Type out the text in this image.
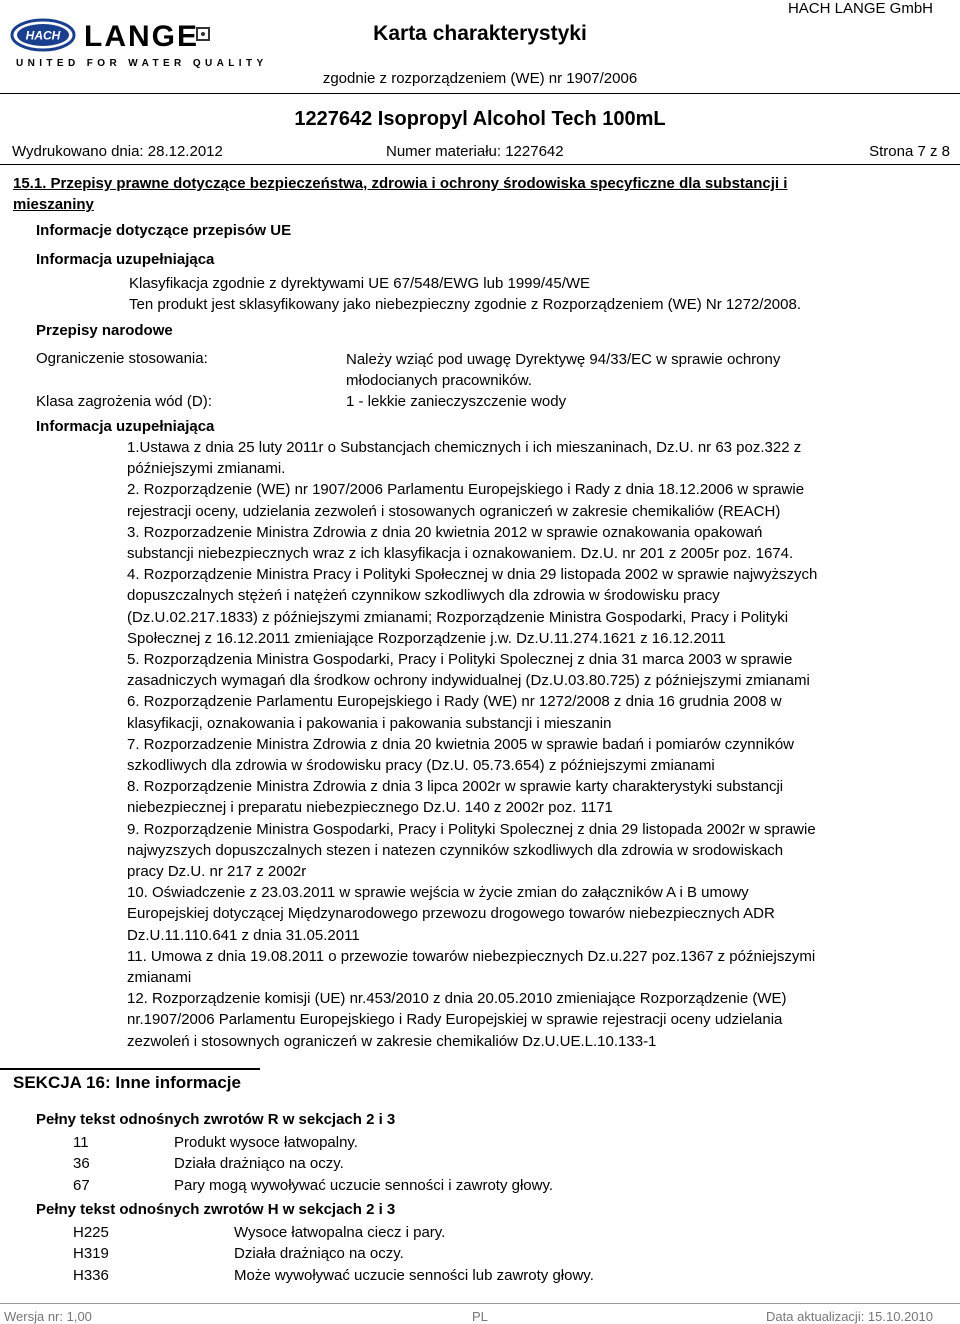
HACH LANGE
UNITED FOR WATER QUALITY
Karta charakterystyki
HACH LANGE GmbH
zgodnie z rozporządzeniem (WE) nr 1907/2006
1227642 Isopropyl Alcohol Tech 100mL
Wydrukowano dnia: 28.12.2012	Numer materiału: 1227642	Strona 7 z 8
15.1. Przepisy prawne dotyczące bezpieczeństwa, zdrowia i ochrony środowiska specyficzne dla substancji i
mieszaniny
Informacje dotyczące przepisów UE
Informacja uzupełniająca
Klasyfikacja zgodnie z dyrektywami UE 67/548/EWG lub 1999/45/WE
Ten produkt jest sklasyfikowany jako niebezpieczny zgodnie z Rozporządzeniem (WE) Nr 1272/2008.
Przepisy narodowe
Ograniczenie stosowania:	Należy wziąć pod uwagę Dyrektywę 94/33/EC w sprawie ochrony
młodocianych pracowników.
Klasa zagrożenia wód (D):	1 - lekkie zanieczyszczenie wody
Informacja uzupełniająca
1.Ustawa z dnia 25 luty 2011r o Substancjach chemicznych i ich mieszaninach, Dz.U. nr 63 poz.322 z
późniejszymi zmianami.
2. Rozporządzenie (WE) nr 1907/2006 Parlamentu Europejskiego i Rady z dnia 18.12.2006 w sprawie
rejestracji oceny, udzielania zezwoleń i stosowanych ograniczeń w zakresie chemikaliów (REACH)
3. Rozporzadzenie Ministra Zdrowia z dnia 20 kwietnia 2012 w sprawie oznakowania opakowań
substancji niebezpiecznych wraz z ich klasyfikacja i oznakowaniem. Dz.U. nr 201 z 2005r poz. 1674.
4. Rozporządzenie Ministra Pracy i Polityki Społecznej w dnia 29 listopada 2002 w sprawie najwyższych
dopuszczalnych stężeń i natężeń czynnikow szkodliwych dla zdrowia w środowisku pracy
(Dz.U.02.217.1833) z późniejszymi zmianami; Rozporządzenie Ministra Gospodarki, Pracy i Polityki
Społecznej z 16.12.2011 zmieniające Rozporządzenie j.w. Dz.U.11.274.1621 z 16.12.2011
5. Rozporządzenia Ministra Gospodarki, Pracy i Polityki Spolecznej z dnia 31 marca 2003 w sprawie
zasadniczych wymagań dla środkow ochrony indywidualnej (Dz.U.03.80.725) z późniejszymi zmianami
6. Rozporządzenie Parlamentu Europejskiego i Rady (WE) nr 1272/2008 z dnia 16 grudnia 2008 w
klasyfikacji, oznakowania i pakowania i pakowania substancji i mieszanin
7. Rozporzadzenie Ministra Zdrowia z dnia 20 kwietnia 2005 w sprawie badań i pomiarów czynników
szkodliwych dla zdrowia w środowisku pracy (Dz.U. 05.73.654) z późniejszymi zmianami
8. Rozporządzenie Ministra Zdrowia z dnia 3 lipca 2002r w sprawie karty charakterystyki substancji
niebezpiecznej i preparatu niebezpiecznego Dz.U. 140 z 2002r poz. 1171
9. Rozporządzenie Ministra Gospodarki, Pracy i Polityki Spolecznej z dnia 29 listopada 2002r w sprawie
najwyzszych dopuszczalnych stezen i natezen czynników szkodliwych dla zdrowia w srodowiskach
pracy Dz.U. nr 217 z 2002r
10. Oświadczenie z 23.03.2011 w sprawie wejścia w życie zmian do załączników A i B umowy
Europejskiej dotyczącej Międzynarodowego przewozu drogowego towarów niebezpiecznych ADR
Dz.U.11.110.641 z dnia 31.05.2011
11. Umowa z dnia 19.08.2011 o przewozie towarów niebezpiecznych Dz.u.227 poz.1367 z późniejszymi
zmianami
12. Rozporządzenie komisji (UE) nr.453/2010 z dnia 20.05.2010 zmieniające Rozporządzenie (WE)
nr.1907/2006 Parlamentu Europejskiego i Rady Europejskiej w sprawie rejestracji oceny udzielania
zezwoleń i stosownych ograniczeń w zakresie chemikaliów Dz.U.UE.L.10.133-1
SEKCJA 16: Inne informacje
Pełny tekst odnośnych zwrotów R w sekcjach 2 i 3
11	Produkt wysoce łatwopalny.
36	Działa drażniąco na oczy.
67	Pary mogą wywoływać uczucie senności i zawroty głowy.
Pełny tekst odnośnych zwrotów H w sekcjach 2 i 3
H225	Wysoce łatwopalna ciecz i pary.
H319	Działa drażniąco na oczy.
H336	Może wywoływać uczucie senności lub zawroty głowy.
Wersja nr: 1,00	PL	Data aktualizacji: 15.10.2010
